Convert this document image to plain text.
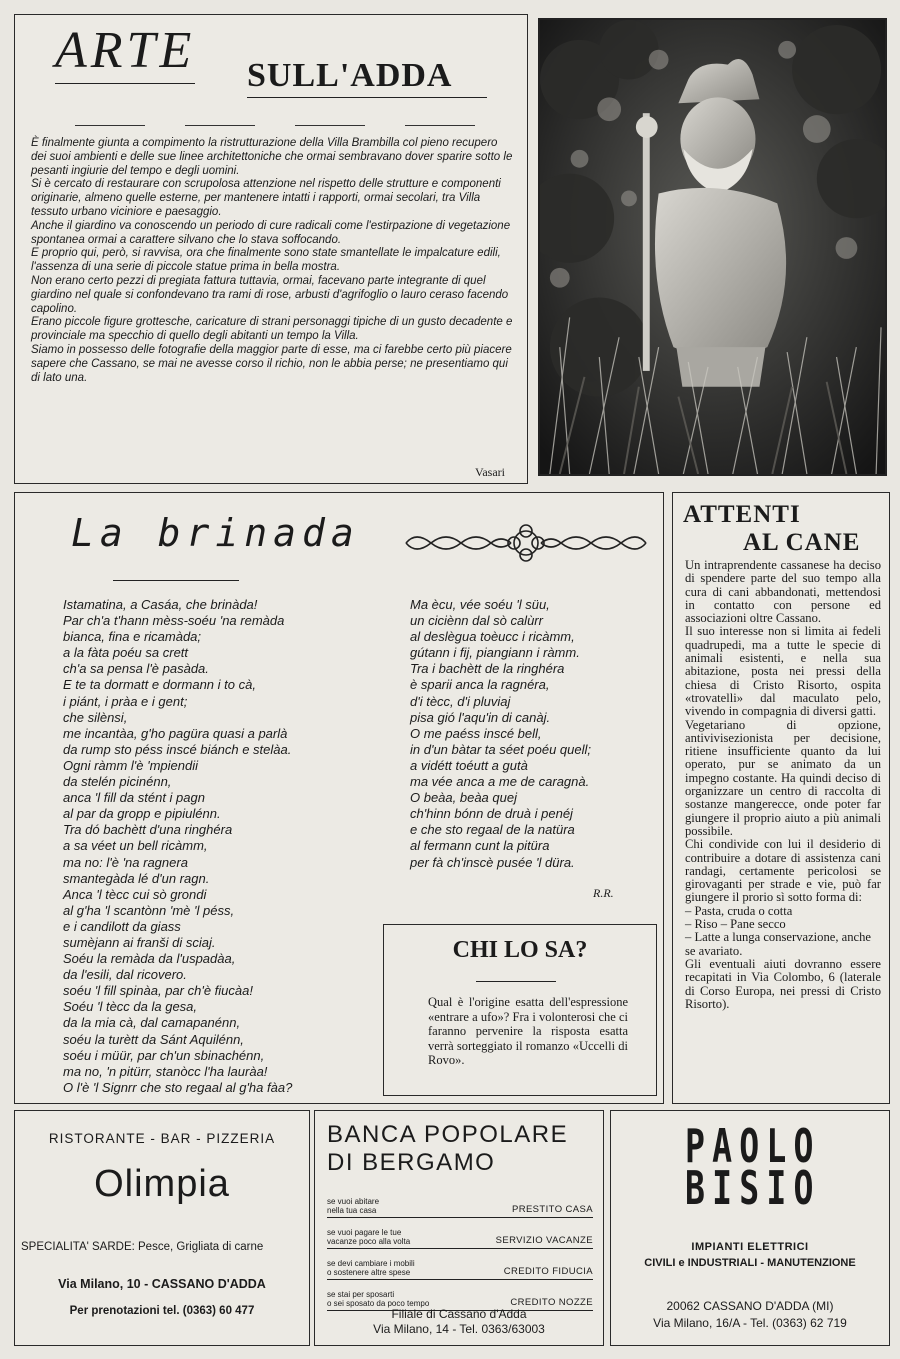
ARTE SULL'ADDA

È finalmente giunta a compimento la ristrutturazione della Villa Brambilla col pieno recupero dei suoi ambienti e delle sue linee architettoniche che ormai sembravano dover sparire sotto le pesanti ingiurie del tempo e degli uomini.

Si è cercato di restaurare con scrupolosa attenzione nel rispetto delle strutture e componenti originarie, almeno quelle esterne, per mantenere intatti i rapporti, ormai secolari, tra Villa tessuto urbano viciniore e paesaggio.

Anche il giardino va conoscendo un periodo di cure radicali come l'estirpazione di vegetazione spontanea ormai a carattere silvano che lo stava soffocando.

E proprio qui, però, si ravvisa, ora che finalmente sono state smantellate le impalcature edili, l'assenza di una serie di piccole statue prima in bella mostra.

Non erano certo pezzi di pregiata fattura tuttavia, ormai, facevano parte integrante di quel giardino nel quale si confondevano tra rami di rose, arbusti d'agrifoglio o lauro ceraso facendo capolino.

Erano piccole figure grottesche, caricature di strani personaggi tipiche di un gusto decadente e provinciale ma specchio di quello degli abitanti un tempo la Villa.

Siamo in possesso delle fotografie della maggior parte di esse, ma ci farebbe certo più piacere sapere che Cassano, se mai ne avesse corso il richio, non le abbia perse; ne presentiamo qui di lato una.

Vasari
La brinada
Istamatina, a Casáa, che brinàda!
Par ch'a t'hann mèss-soéu 'na remàda
bianca, fina e ricamàda;
a la fàta poéu sa crett
ch'a sa pensa l'è pasàda.
E te ta dormatt e dormann i to cà,
i piánt, i pràa e i gent;
che silènsi,
me incantàa, g'ho pagüra quasi a parlà
da rump sto péss inscé biánch e stelàa.
Ogni ràmm l'è 'mpiendii
da stelén picinénn,
anca 'l fill da stént i pagn
al par da gropp e pipiulénn.
Tra dó bachètt d'una ringhéra
a sa véet un bell ricàmm,
ma no: l'è 'na ragnera
smantegàda lé d'un ragn.
Anca 'l tècc cui sò grondi
al g'ha 'l scantònn 'mè 'l péss,
e i candilott da giass
sumèjann ai franši di sciaj.
Soéu la remàda da l'uspadàa,
da l'esili, dal ricovero.
soéu 'l fill spinàa, par ch'è fiucàa!
Soéu 'l tècc da la gesa,
da la mia cà, dal camapanénn,
soéu la turètt da Sánt Aquilénn,
soéu i müür, par ch'un sbinachénn,
ma no, 'n pitürr, stanòcc l'ha lauràa!
O l'è 'l Signrr che sto regaal al g'ha fàa?
Ma ècu, vée soéu 'l süu,
un ciciènn dal sò calùrr
al deslègua toèucc i ricàmm,
gútann i fij, piangiann i ràmm.
Tra i bachètt de la ringhéra
è sparii anca la ragnéra,
d'i tècc, d'i pluviaj
pisa gió l'aqu'in di canàj.
O me paéss inscé bell,
in d'un bàtar ta séet poéu quell;
a vidétt toéutt a gutà
ma vée anca a me de caragnà.
O beàa, beàa quej
ch'hinn bónn de druà i penéj
e che sto regaal de la natüra
al fermann cunt la pitüra
per fà ch'inscè pusée 'l düra.
R.R.
CHI LO SA?
Qual è l'origine esatta dell'espressione «entrare a ufo»? Fra i volonterosi che ci faranno pervenire la risposta esatta verrà sorteggiato il romanzo «Uccelli di Rovo».
ATTENTI
AL CANE

Un intraprendente cassanese ha deciso di spendere parte del suo tempo alla cura di cani abbandonati, mettendosi in contatto con persone ed associazioni oltre Cassano.

Il suo interesse non si limita ai fedeli quadrupedi, ma a tutte le specie di animali esistenti, e nella sua abitazione, posta nei pressi della chiesa di Cristo Risorto, ospita «trovatelli» dal maculato pelo, vivendo in compagnia di diversi gatti.

Vegetariano di opzione, antivivisezionista per decisione, ritiene insufficiente quanto da lui operato, pur se animato da un impegno costante. Ha quindi deciso di organizzare un centro di raccolta di sostanze mangerecce, onde poter far giungere il proprio aiuto a più animali possibile.

Chi condivide con lui il desiderio di contribuire a dotare di assistenza cani randagi, certamente pericolosi se girovaganti per strade e vie, può far giungere il prorio sì sotto forma di:

– Pasta, cruda o cotta

– Riso – Pane secco

– Latte a lunga conservazione, anche se avariato.

Gli eventuali aiuti dovranno essere recapitati in Via Colombo, 6 (laterale di Corso Europa, nei pressi di Cristo Risorto).

RISTORANTE - BAR - PIZZERIA
Olimpia
SPECIALITA' SARDE: Pesce, Grigliata di carne
Via Milano, 10 - CASSANO D'ADDA
Per prenotazioni tel. (0363) 60 477
BANCA POPOLARE
DI BERGAMO
se vuoi abitare
nella tua casa	PRESTITO CASA
se vuoi pagare le tue
vacanze poco alla volta	SERVIZIO VACANZE
se devi cambiare i mobili
o sostenere altre spese	CREDITO FIDUCIA
se stai per sposarti
o sei sposato da poco tempo	CREDITO NOZZE
Filiale di Cassano d'Adda
Via Milano, 14 - Tel. 0363/63003
PAOLO
BISIO
IMPIANTI ELETTRICI
CIVILI e INDUSTRIALI - MANUTENZIONE
20062 CASSANO D'ADDA (MI)
Via Milano, 16/A - Tel. (0363) 62 719
